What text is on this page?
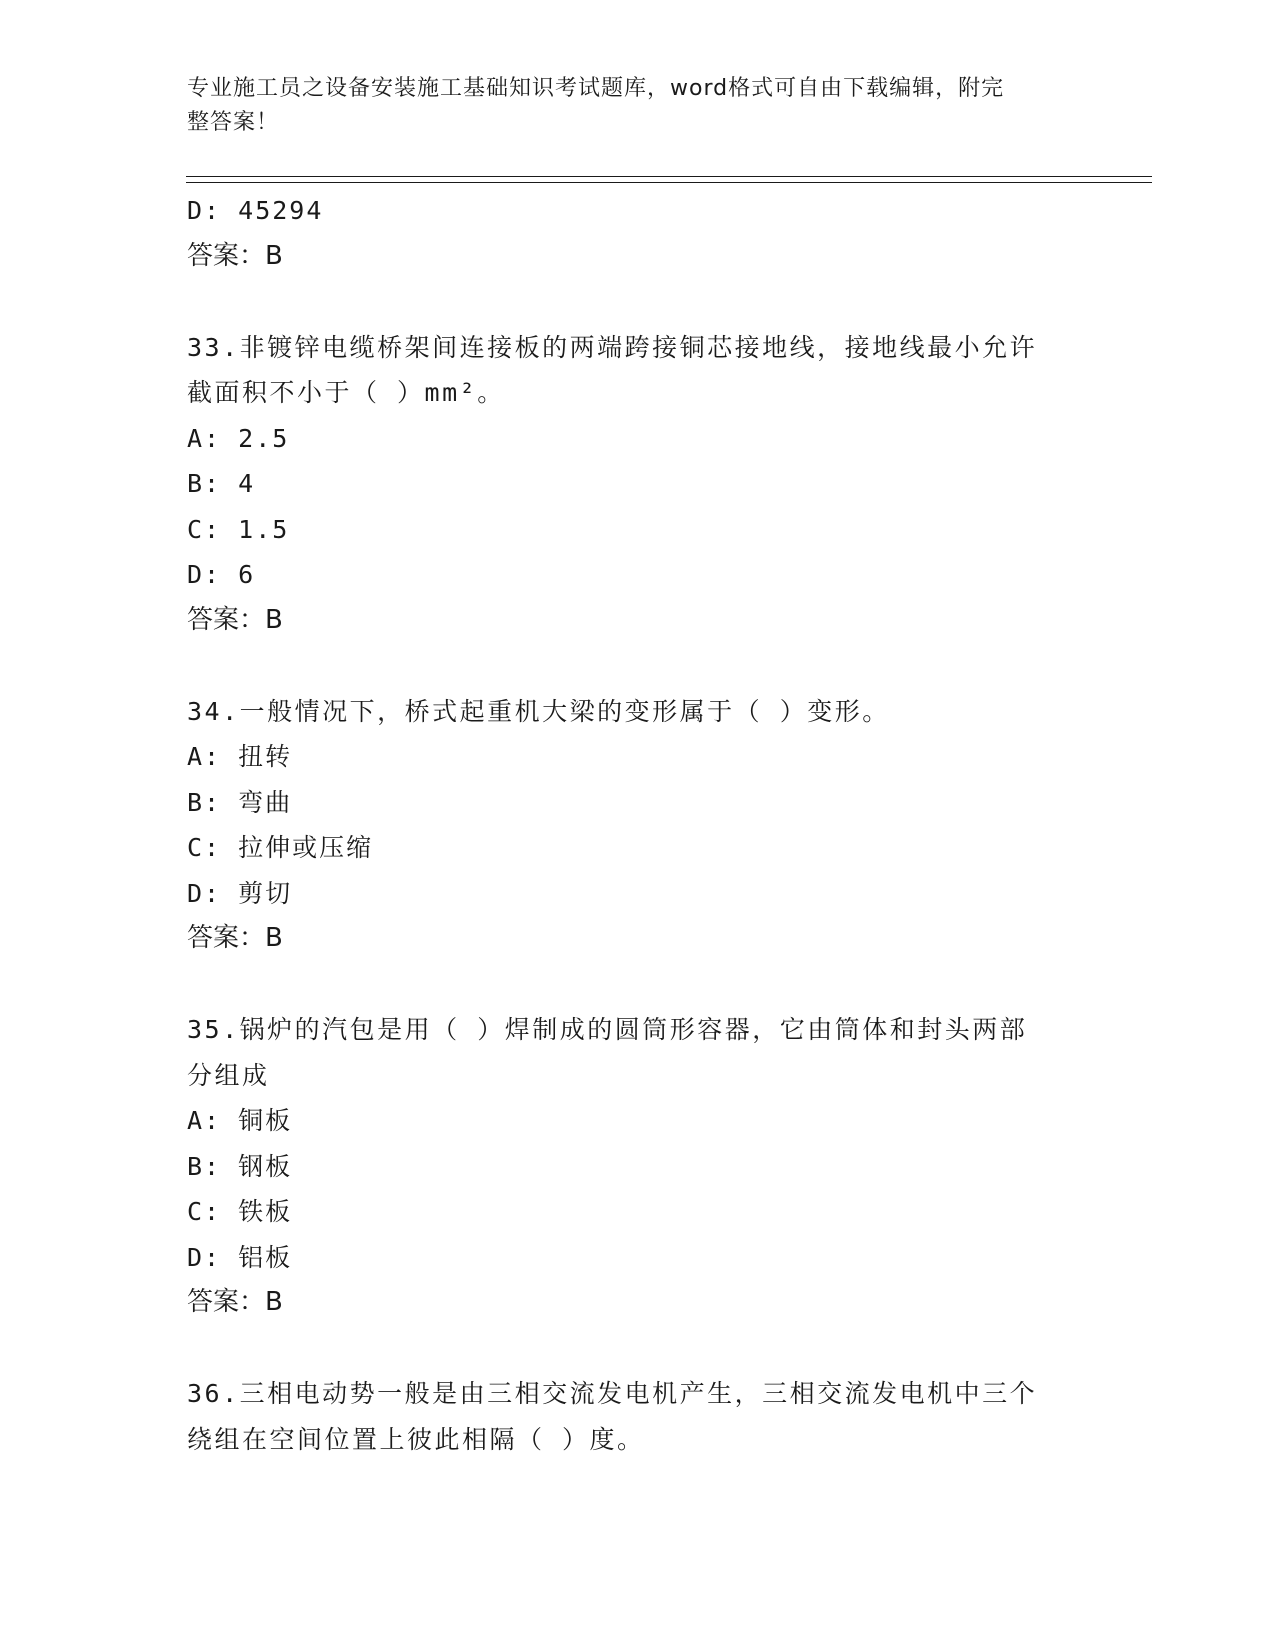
专业施工员之设备安装施工基础知识考试题库，word格式可自由下载编辑，附完
整答案！
D: 45294
答案：B
33.非镀锌电缆桥架间连接板的两端跨接铜芯接地线，接地线最小允许
截面积不小于（ ）mm²。
A: 2.5
B: 4
C: 1.5
D: 6
答案：B
34.一般情况下，桥式起重机大梁的变形属于（ ）变形。
A: 扭转
B: 弯曲
C: 拉伸或压缩
D: 剪切
答案：B
35.锅炉的汽包是用（ ）焊制成的圆筒形容器，它由筒体和封头两部
分组成
A: 铜板
B: 钢板
C: 铁板
D: 铝板
答案：B
36.三相电动势一般是由三相交流发电机产生，三相交流发电机中三个
绕组在空间位置上彼此相隔（ ）度。
